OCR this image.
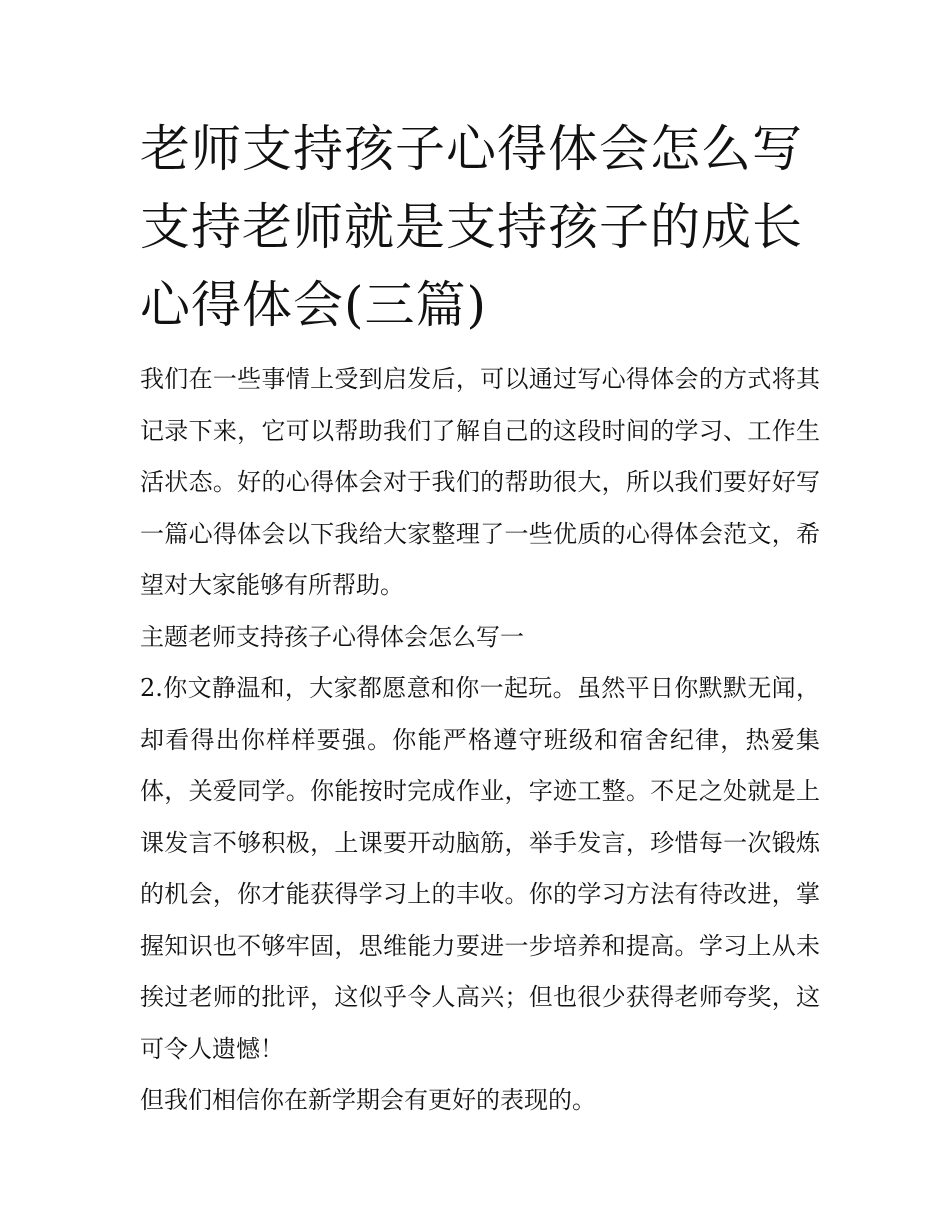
老师支持孩子心得体会怎么写支持老师就是支持孩子的成长心得体会(三篇)

我们在一些事情上受到启发后，可以通过写心得体会的方式将其记录下来，它可以帮助我们了解自己的这段时间的学习、工作生活状态。好的心得体会对于我们的帮助很大，所以我们要好好写一篇心得体会以下我给大家整理了一些优质的心得体会范文，希望对大家能够有所帮助。

主题老师支持孩子心得体会怎么写一

2.你文静温和，大家都愿意和你一起玩。虽然平日你默默无闻，却看得出你样样要强。你能严格遵守班级和宿舍纪律，热爱集体，关爱同学。你能按时完成作业，字迹工整。不足之处就是上课发言不够积极，上课要开动脑筋，举手发言，珍惜每一次锻炼的机会，你才能获得学习上的丰收。你的学习方法有待改进，掌握知识也不够牢固，思维能力要进一步培养和提高。学习上从未挨过老师的批评，这似乎令人高兴；但也很少获得老师夸奖，这可令人遗憾！

但我们相信你在新学期会有更好的表现的。
